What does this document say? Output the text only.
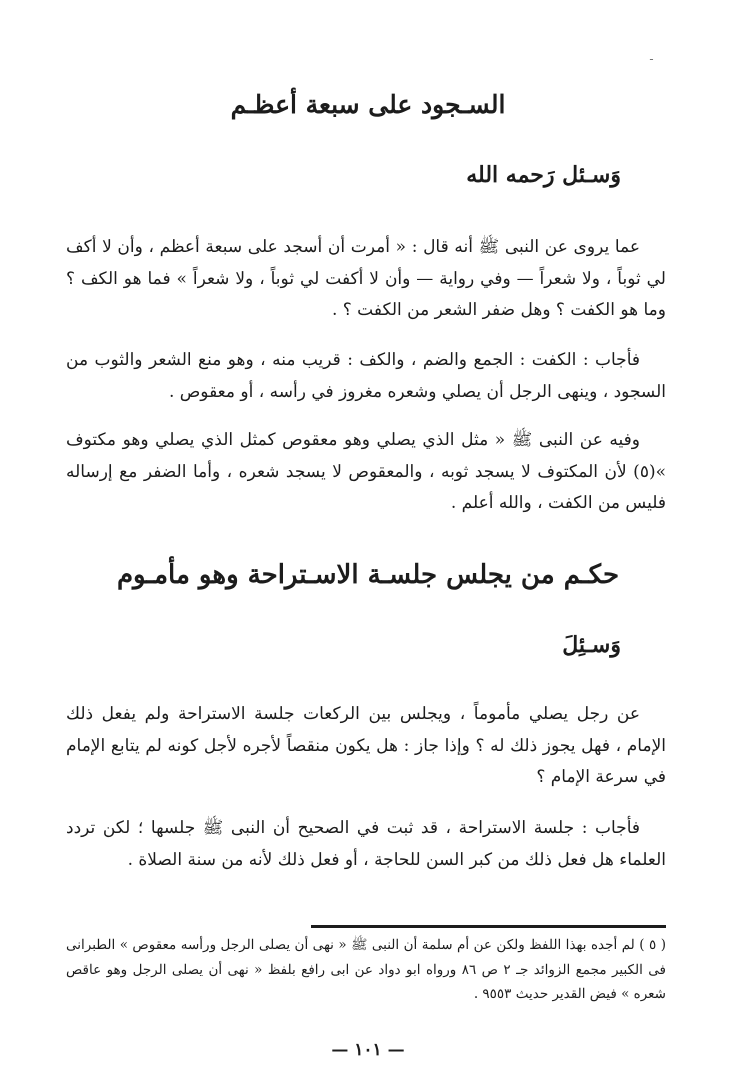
ـ
السـجود على سبعة أعظـم
وَسـئل رَحمه الله
عما يروى عن النبى ﷺ أنه قال : « أمرت أن أسجد على سبعة أعظم ، وأن لا أكف لي ثوباً ، ولا شعراً — وفي رواية — وأن لا أكفت لي ثوباً ، ولا شعراً » فما هو الكف ؟ وما هو الكفت ؟ وهل ضفر الشعر من الكفت ؟ .
فأجاب : الكفت : الجمع والضم ، والكف : قريب منه ، وهو منع الشعر والثوب من السجود ، وينهى الرجل أن يصلي وشعره مغروز في رأسه ، أو معقوص .
وفيه عن النبى ﷺ « مثل الذي يصلي وهو معقوص كمثل الذي يصلي وهو مكتوف »(٥) لأن المكتوف لا يسجد ثوبه ، والمعقوص لا يسجد شعره ، وأما الضفر مع إرساله فليس من الكفت ، والله أعلم .
حكـم من يجلس جلسـة الاسـتراحة وهو مأمـوم
وَسـئِلَ
عن رجل يصلي مأموماً ، ويجلس بين الركعات جلسة الاستراحة ولم يفعل ذلك الإمام ، فهل يجوز ذلك له ؟ وإذا جاز : هل يكون منقصاً لأجره لأجل كونه لم يتابع الإمام في سرعة الإمام ؟
فأجاب : جلسة الاستراحة ، قد ثبت في الصحيح أن النبى ﷺ جلسها ؛ لكن تردد العلماء هل فعل ذلك من كبر السن للحاجة ، أو فعل ذلك لأنه من سنة الصلاة .
( ٥ ) لم أجده بهذا اللفظ ولكن عن أم سلمة أن النبى ﷺ « نهى أن يصلى الرجل ورأسه معقوص » الطبرانى فى الكبير مجمع الزوائد جـ ٢ ص ٨٦ ورواه ابو دواد عن ابى رافع بلفظ « نهى أن يصلى الرجل وهو عاقص شعره » فيض القدير حديث ٩٥٥٣ .
— ١٠١ —
